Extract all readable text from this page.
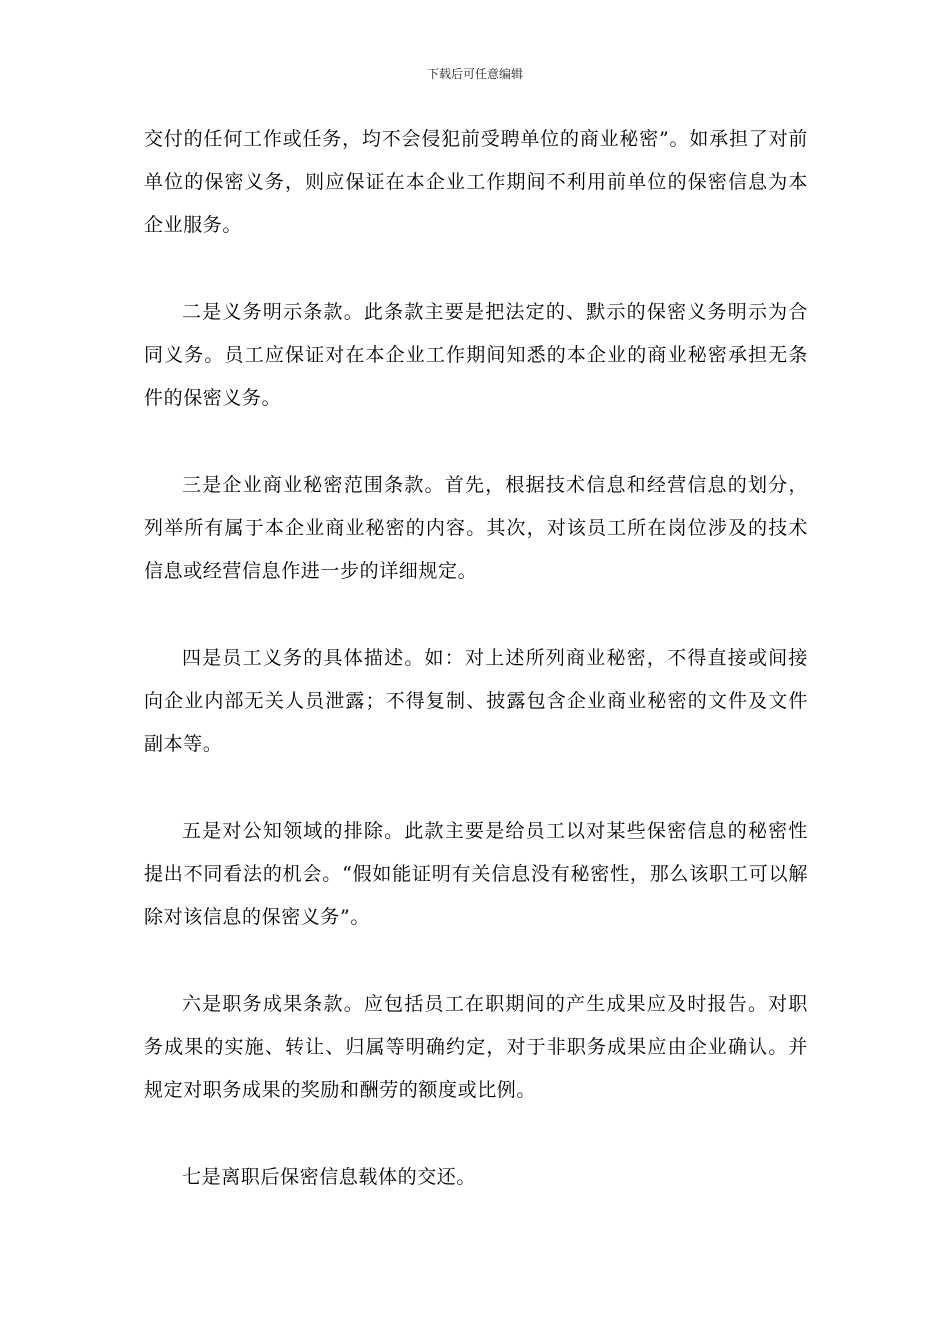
下载后可任意编辑

交付的任何工作或任务，均不会侵犯前受聘单位的商业秘密”。如承担了对前单位的保密义务，则应保证在本企业工作期间不利用前单位的保密信息为本企业服务。

二是义务明示条款。此条款主要是把法定的、默示的保密义务明示为合同义务。员工应保证对在本企业工作期间知悉的本企业的商业秘密承担无条件的保密义务。

三是企业商业秘密范围条款。首先，根据技术信息和经营信息的划分，列举所有属于本企业商业秘密的内容。其次，对该员工所在岗位涉及的技术信息或经营信息作进一步的详细规定。

四是员工义务的具体描述。如：对上述所列商业秘密，不得直接或间接向企业内部无关人员泄露；不得复制、披露包含企业商业秘密的文件及文件副本等。

五是对公知领域的排除。此款主要是给员工以对某些保密信息的秘密性提出不同看法的机会。“假如能证明有关信息没有秘密性，那么该职工可以解除对该信息的保密义务”。

六是职务成果条款。应包括员工在职期间的产生成果应及时报告。对职务成果的实施、转让、归属等明确约定，对于非职务成果应由企业确认。并规定对职务成果的奖励和酬劳的额度或比例。

七是离职后保密信息载体的交还。
